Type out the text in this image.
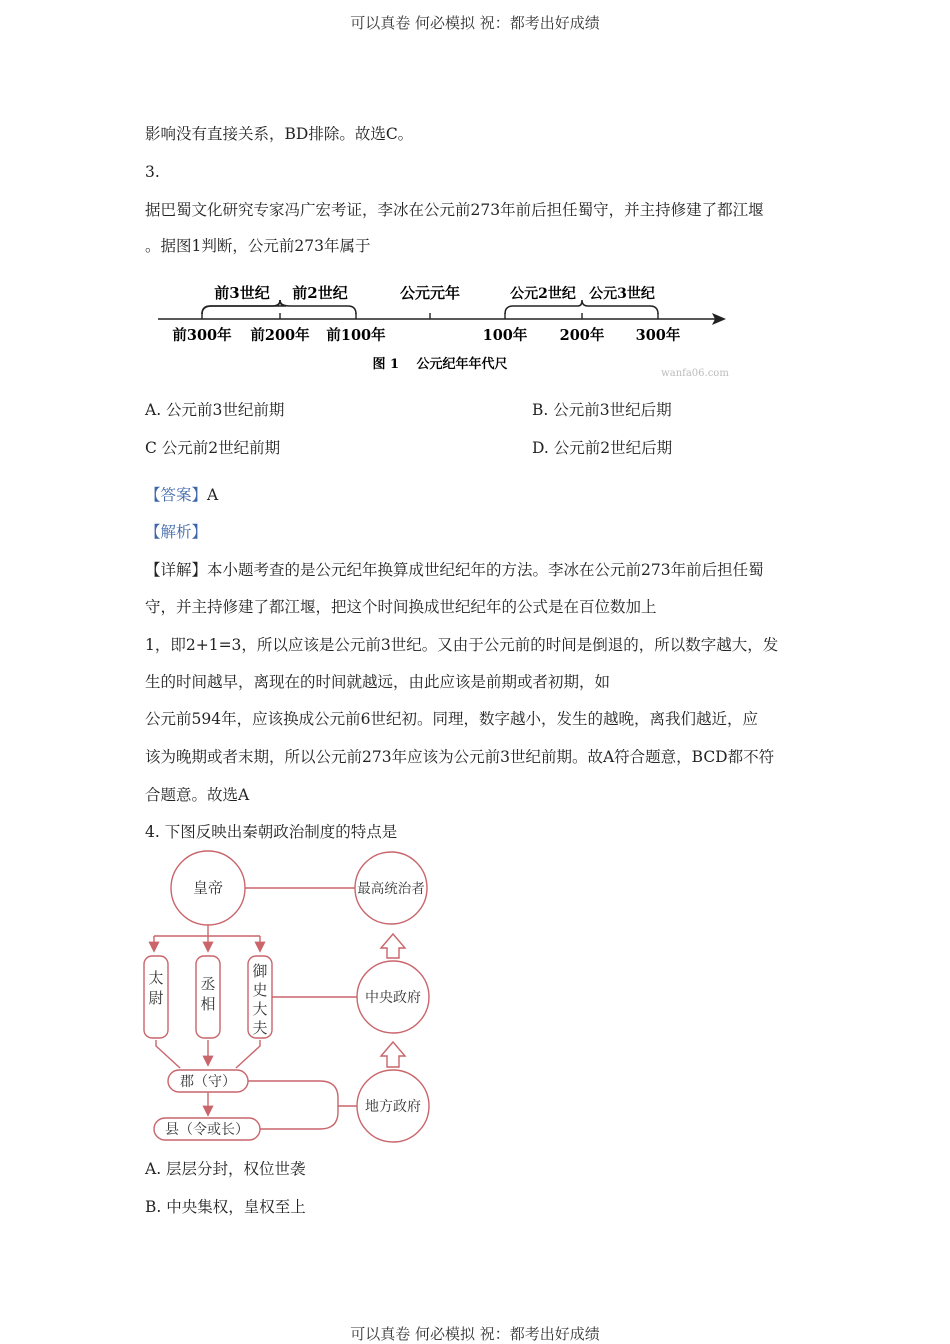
可以真卷 何必模拟 祝：都考出好成绩
影响没有直接关系，BD排除。故选C。
3.
据巴蜀文化研究专家冯广宏考证，李冰在公元前273年前后担任蜀守，并主持修建了都江堰
。据图1判断，公元前273年属于
前3世纪 前2世纪	公元元年	公元2世纪 公元3世纪
前300年 前200年 前100年	100年 200年 300年
图 1　 公元纪年年代尺
wanfa06.com
A. 公元前3世纪前期	B. 公元前3世纪后期
C 公元前2世纪前期	D. 公元前2世纪后期
【答案】A
【解析】
【详解】本小题考查的是公元纪年换算成世纪纪年的方法。李冰在公元前273年前后担任蜀
守，并主持修建了都江堰，把这个时间换成世纪纪年的公式是在百位数加上
1，即2+1=3，所以应该是公元前3世纪。又由于公元前的时间是倒退的，所以数字越大，发
生的时间越早，离现在的时间就越远，由此应该是前期或者初期，如
公元前594年，应该换成公元前6世纪初。同理，数字越小，发生的越晚，离我们越近，应
该为晚期或者末期，所以公元前273年应该为公元前3世纪前期。故A符合题意，BCD都不符
合题意。故选A
4. 下图反映出秦朝政治制度的特点是
皇帝	最高统治者
中央政府
地方政府
太
尉
丞
相
御
史
大
夫
郡（守）
县（令或长）
A. 层层分封，权位世袭
B. 中央集权，皇权至上
可以真卷 何必模拟 祝：都考出好成绩
